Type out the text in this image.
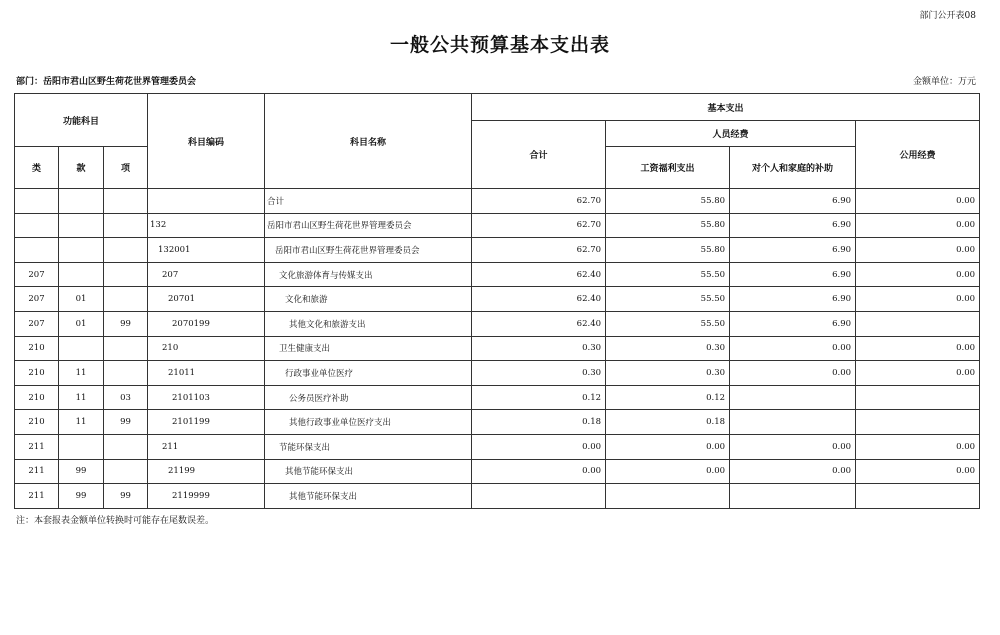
部门公开表08
一般公共预算基本支出表
部门：岳阳市君山区野生荷花世界管理委员会	金额单位：万元
功能科目			科目编码	科目名称	基本支出			
					合计	人员经费		公用经费
类	款	项				工资福利支出	对个人和家庭的补助	
				合计	62.70	55.80	6.90	0.00
			132	岳阳市君山区野生荷花世界管理委员会	62.70	55.80	6.90	0.00
			132001	岳阳市君山区野生荷花世界管理委员会	62.70	55.80	6.90	0.00
207			207	文化旅游体育与传媒支出	62.40	55.50	6.90	0.00
207	01		20701	文化和旅游	62.40	55.50	6.90	0.00
207	01	99	2070199	其他文化和旅游支出	62.40	55.50	6.90	
210			210	卫生健康支出	0.30	0.30	0.00	0.00
210	11		21011	行政事业单位医疗	0.30	0.30	0.00	0.00
210	11	03	2101103	公务员医疗补助	0.12	0.12		
210	11	99	2101199	其他行政事业单位医疗支出	0.18	0.18		
211			211	节能环保支出	0.00	0.00	0.00	0.00
211	99		21199	其他节能环保支出	0.00	0.00	0.00	0.00
211	99	99	2119999	其他节能环保支出				
注：本套报表金额单位转换时可能存在尾数误差。
